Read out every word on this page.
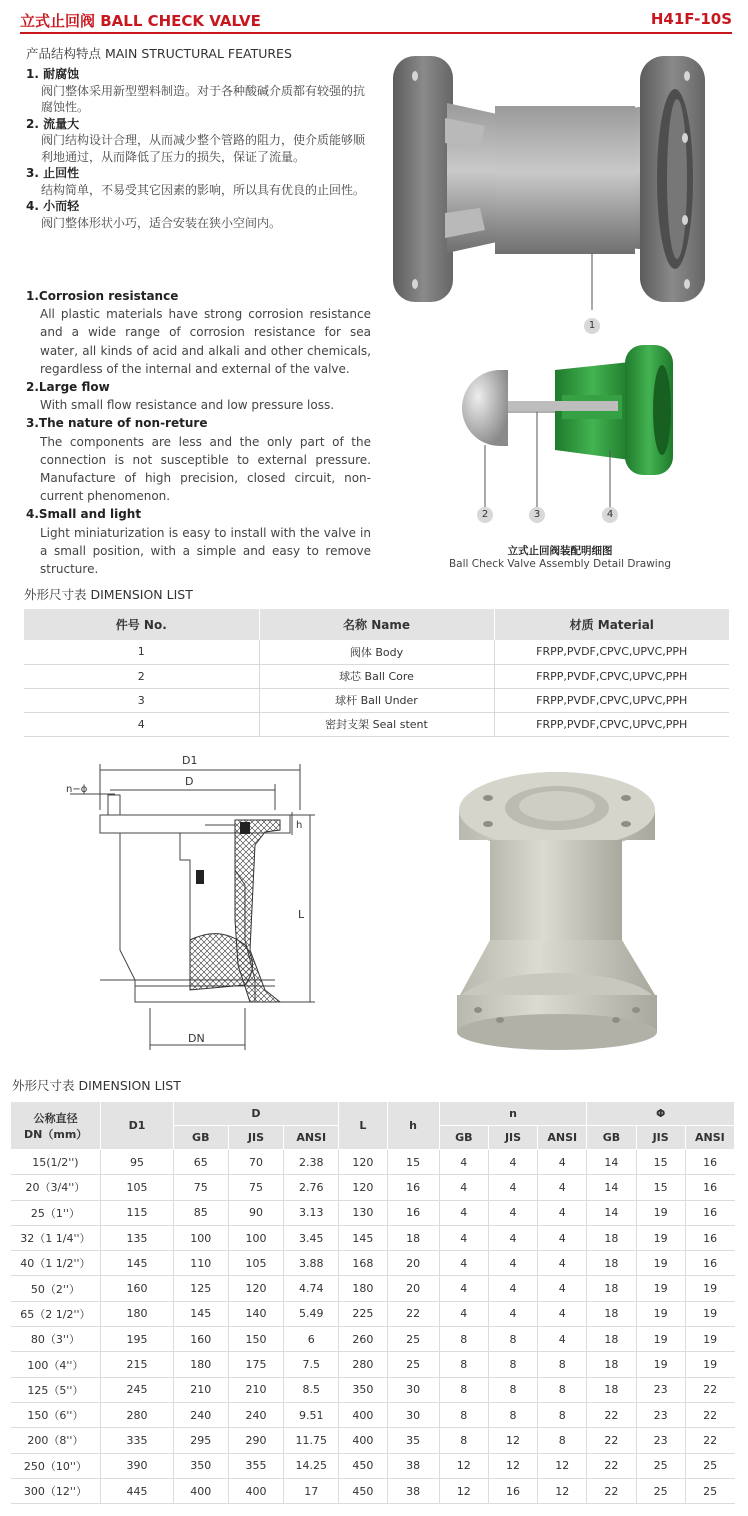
立式止回阀 BALL CHECK VALVE	H41F-10S
产品结构特点 MAIN STRUCTURAL FEATURES
1. 耐腐蚀
阀门整体采用新型塑料制造。对于各种酸碱介质都有较强的抗腐蚀性。
2. 流量大
阀门结构设计合理，从而减少整个管路的阻力，使介质能够顺利地通过，从而降低了压力的损失，保证了流量。
3. 止回性
结构简单，不易受其它因素的影响，所以具有优良的止回性。
4. 小而轻
阀门整体形状小巧，适合安装在狭小空间内。
1.Corrosion resistance
All plastic materials have strong corrosion resistance and a wide range of corrosion resistance for sea water, all kinds of acid and alkali and other chemicals, regardless of the internal and external of the valve.
2.Large flow
With small flow resistance and low pressure loss.
3.The nature of non-reture
The components are less and the only part of the connection is not susceptible to external pressure. Manufacture of high precision, closed circuit, non-current phenomenon.
4.Small and light
Light miniaturization is easy to install with the valve in a small position, with a simple and easy to remove structure.
1
2	3	4
立式止回阀装配明细图
Ball Check Valve Assembly Detail Drawing
外形尺寸表 DIMENSION LIST
件号 No.	名称 Name	材质 Material
1	阀体 Body	FRPP,PVDF,CPVC,UPVC,PPH
2	球芯 Ball Core	FRPP,PVDF,CPVC,UPVC,PPH
3	球杆 Ball Under	FRPP,PVDF,CPVC,UPVC,PPH
4	密封支架 Seal stent	FRPP,PVDF,CPVC,UPVC,PPH
D1
D
n−ϕ
h
L
DN
外形尺寸表 DIMENSION LIST
公称直径
DN（mm）	D1	D			L	h	n			Φ		
		GB	JIS	ANSI			GB	JIS	ANSI	GB	JIS	ANSI
15(1/2'')	95	65	70	2.38	120	15	4	4	4	14	15	16
20（3/4''）	105	75	75	2.76	120	16	4	4	4	14	15	16
25（1''）	115	85	90	3.13	130	16	4	4	4	14	19	16
32（1 1/4''）	135	100	100	3.45	145	18	4	4	4	18	19	16
40（1 1/2''）	145	110	105	3.88	168	20	4	4	4	18	19	16
50（2''）	160	125	120	4.74	180	20	4	4	4	18	19	19
65（2 1/2''）	180	145	140	5.49	225	22	4	4	4	18	19	19
80（3''）	195	160	150	6	260	25	8	8	4	18	19	19
100（4''）	215	180	175	7.5	280	25	8	8	8	18	19	19
125（5''）	245	210	210	8.5	350	30	8	8	8	18	23	22
150（6''）	280	240	240	9.51	400	30	8	8	8	22	23	22
200（8''）	335	295	290	11.75	400	35	8	12	8	22	23	22
250（10''）	390	350	355	14.25	450	38	12	12	12	22	25	25
300（12''）	445	400	400	17	450	38	12	16	12	22	25	25
